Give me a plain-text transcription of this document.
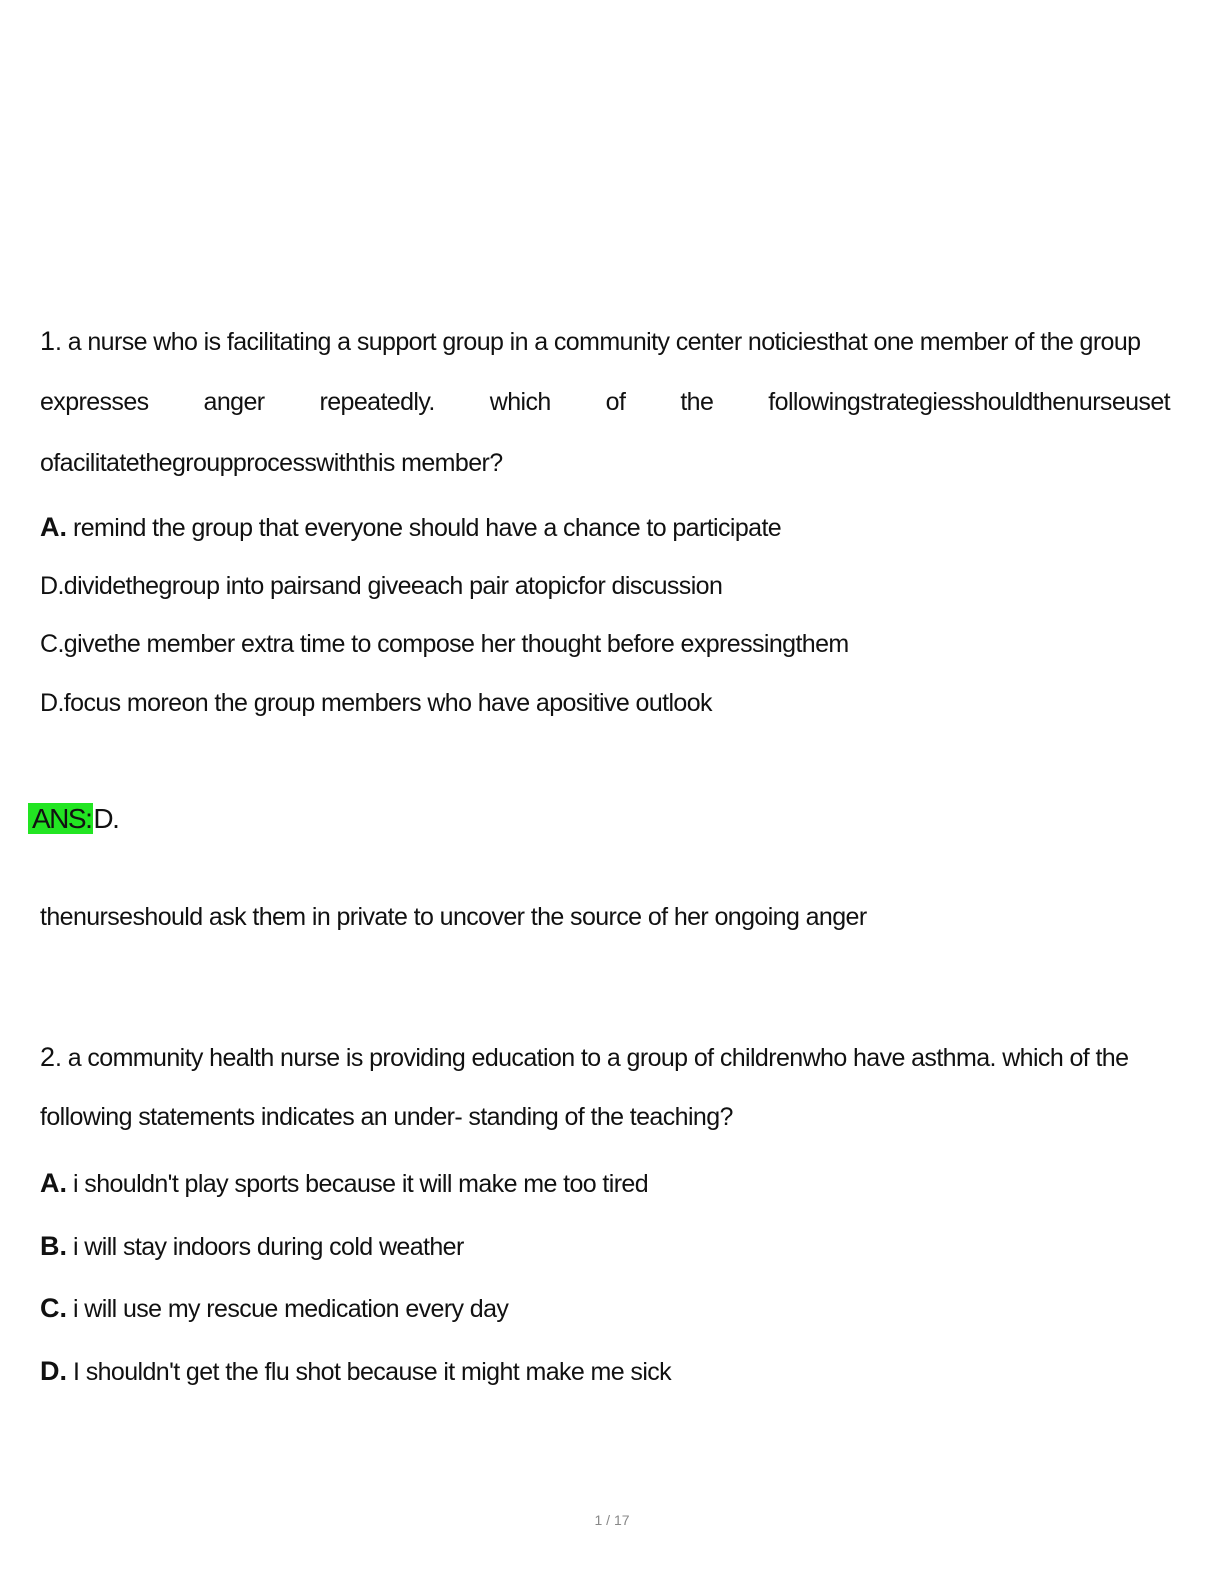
1. a nurse who is facilitating a support group in a community center noticiesthat one member of the group
expresses anger repeatedly. which of the followingstrategiesshouldthenurseuset
ofacilitatethegroupprocesswiththis member?
A. remind the group that everyone should have a chance to participate
D.dividethegroup into pairsand giveeach pair atopicfor discussion
C.givethe member extra time to compose her thought before expressingthem
D.focus moreon the group members who have apositive outlook
ANS:D.
thenurseshould ask them in private to uncover the source of her ongoing anger
2. a community health nurse is providing education to a group of childrenwho have asthma. which of the
following statements indicates an under- standing of the teaching?
A. i shouldn't play sports because it will make me too tired
B. i will stay indoors during cold weather
C. i will use my rescue medication every day
D. I shouldn't get the flu shot because it might make me sick
1 / 17
